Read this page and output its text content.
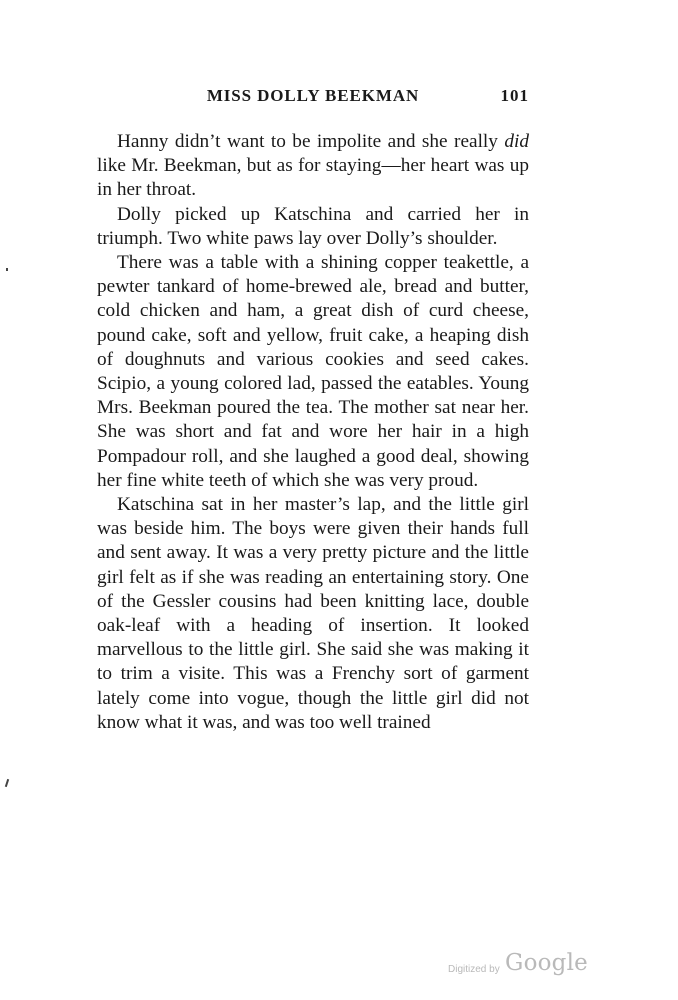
MISS DOLLY BEEKMAN	101

Hanny didn’t want to be impolite and she really did like Mr. Beekman, but as for staying—her heart was up in her throat.

Dolly picked up Katschina and carried her in triumph. Two white paws lay over Dolly’s shoulder.

There was a table with a shining copper teakettle, a pewter tankard of home-brewed ale, bread and butter, cold chicken and ham, a great dish of curd cheese, pound cake, soft and yellow, fruit cake, a heaping dish of doughnuts and various cookies and seed cakes. Scipio, a young colored lad, passed the eatables. Young Mrs. Beekman poured the tea. The mother sat near her. She was short and fat and wore her hair in a high Pompadour roll, and she laughed a good deal, showing her fine white teeth of which she was very proud.

Katschina sat in her master’s lap, and the little girl was beside him. The boys were given their hands full and sent away. It was a very pretty picture and the little girl felt as if she was reading an entertaining story. One of the Gessler cousins had been knitting lace, double oak-leaf with a heading of insertion. It looked marvellous to the little girl. She said she was making it to trim a visite. This was a Frenchy sort of garment lately come into vogue, though the little girl did not know what it was, and was too well trained

Digitized by Google
